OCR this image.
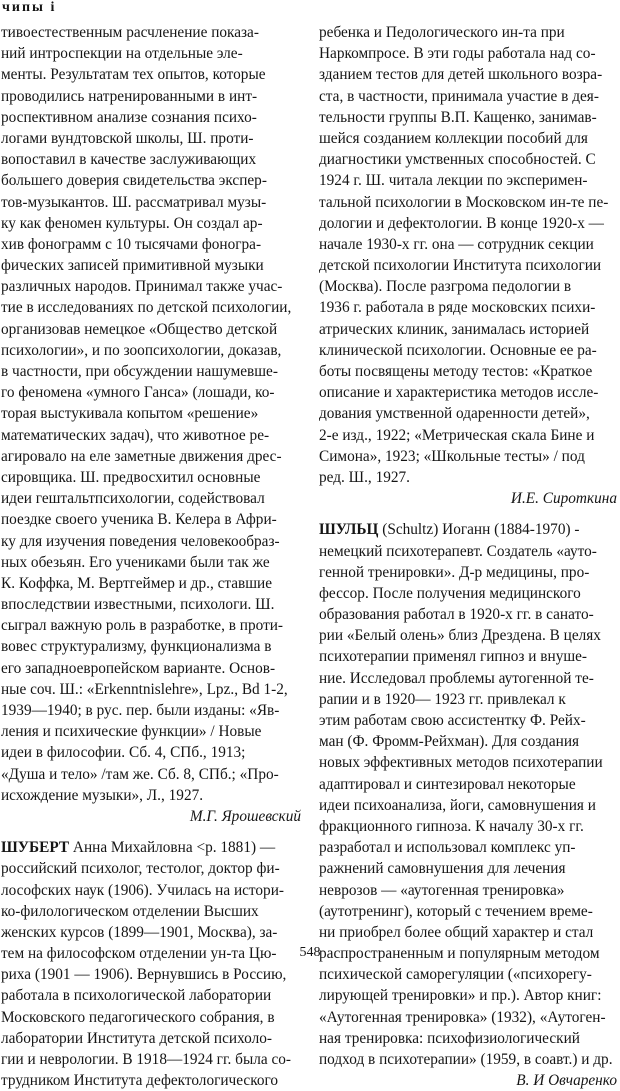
чипы і
тивоестественным расчленение показа-
ний интроспекции на отдельные эле-
менты. Результатам тех опытов, которые
проводились натренированными в инт-
роспективном анализе сознания психо-
логами вундтовской школы, Ш. проти-
вопоставил в качестве заслуживающих
большего доверия свидетельства экспер-
тов-музыкантов. Ш. рассматривал музы-
ку как феномен культуры. Он создал ар-
хив фонограмм с 10 тысячами фоногра-
фических записей примитивной музыки
различных народов. Принимал также учас-
тие в исследованиях по детской психологии,
организовав немецкое «Общество детской
психологии», и по зоопсихологии, доказав,
в частности, при обсуждении нашумевше-
го феномена «умного Ганса» (лошади, ко-
торая выстукивала копытом «решение»
математических задач), что животное ре-
агировало на еле заметные движения дрес-
сировщика. Ш. предвосхитил основные
идеи гештальтпсихологии, содействовал
поездке своего ученика В. Келера в Афри-
ку для изучения поведения человекообраз-
ных обезьян. Его учениками были так же
К. Коффка, М. Вертгеймер и др., ставшие
впоследствии известными, психологи. Ш.
сыграл важную роль в разработке, в проти-
вовес структурализму, функционализма в
его западноевропейском варианте. Основ-
ные соч. Ш.: «Erkenntnislehre», Lpz., Bd 1-2,
1939—1940; в рус. пер. были изданы: «Яв-
ления и психические функции» / Новые
идеи в философии. Сб. 4, СПб., 1913;
«Душа и тело» /там же. Сб. 8, СПб.; «Про-
исхождение музыки», Л., 1927.
М.Г. Ярошевский
ШУБЕРТ Анна Михайловна <р. 1881) —
российский психолог, тестолог, доктор фи-
лософских наук (1906). Училась на истори-
ко-филологическом отделении Высших
женских курсов (1899—1901, Москва), за-
тем на философском отделении ун-та Цю-
риха (1901 — 1906). Вернувшись в Россию,
работала в психологической лаборатории
Московского педагогического собрания, в
лаборатории Института детской психоло-
гии и неврологии. В 1918—1924 гг. была со-
трудником Института дефектологического
ребенка и Педологического ин-та при
Наркомпросе. В эти годы работала над со-
зданием тестов для детей школьного возра-
ста, в частности, принимала участие в дея-
тельности группы В.П. Кащенко, занимав-
шейся созданием коллекции пособий для
диагностики умственных способностей. С
1924 г. Ш. читала лекции по эксперимен-
тальной психологии в Московском ин-те пе-
дологии и дефектологии. В конце 1920-х —
начале 1930-х гг. она — сотрудник секции
детской психологии Института психологии
(Москва). После разгрома педологии в
1936 г. работала в ряде московских психи-
атрических клиник, занималась историей
клинической психологии. Основные ее ра-
боты посвящены методу тестов: «Краткое
описание и характеристика методов иссле-
дования умственной одаренности детей»,
2-е изд., 1922; «Метрическая скала Бине и
Симона», 1923; «Школьные тесты» / под
ред. Ш., 1927.
И.Е. Сироткина
ШУЛЬЦ (Schultz) Иоганн (1884-1970) -
немецкий психотерапевт. Создатель «ауто-
генной тренировки». Д-р медицины, про-
фессор. После получения медицинского
образования работал в 1920-х гг. в санато-
рии «Белый олень» близ Дрездена. В целях
психотерапии применял гипноз и внуше-
ние. Исследовал проблемы аутогенной те-
рапии и в 1920— 1923 гг. привлекал к
этим работам свою ассистентку Ф. Рейх-
ман (Ф. Фромм-Рейхман). Для создания
новых эффективных методов психотерапии
адаптировал и синтезировал некоторые
идеи психоанализа, йоги, самовнушения и
фракционного гипноза. К началу 30-х гг.
разработал и использовал комплекс уп-
ражнений самовнушения для лечения
неврозов — «аутогенная тренировка»
(аутотренинг), который с течением време-
ни приобрел более общий характер и стал
распространенным и популярным методом
психической саморегуляции («психорегу-
лирующей тренировки» и пр.). Автор книг:
«Аутогенная тренировка» (1932), «Аутоген-
ная тренировка: психофизиологический
подход в психотерапии» (1959, в соавт.) и др.
В. И Овчаренко
548
